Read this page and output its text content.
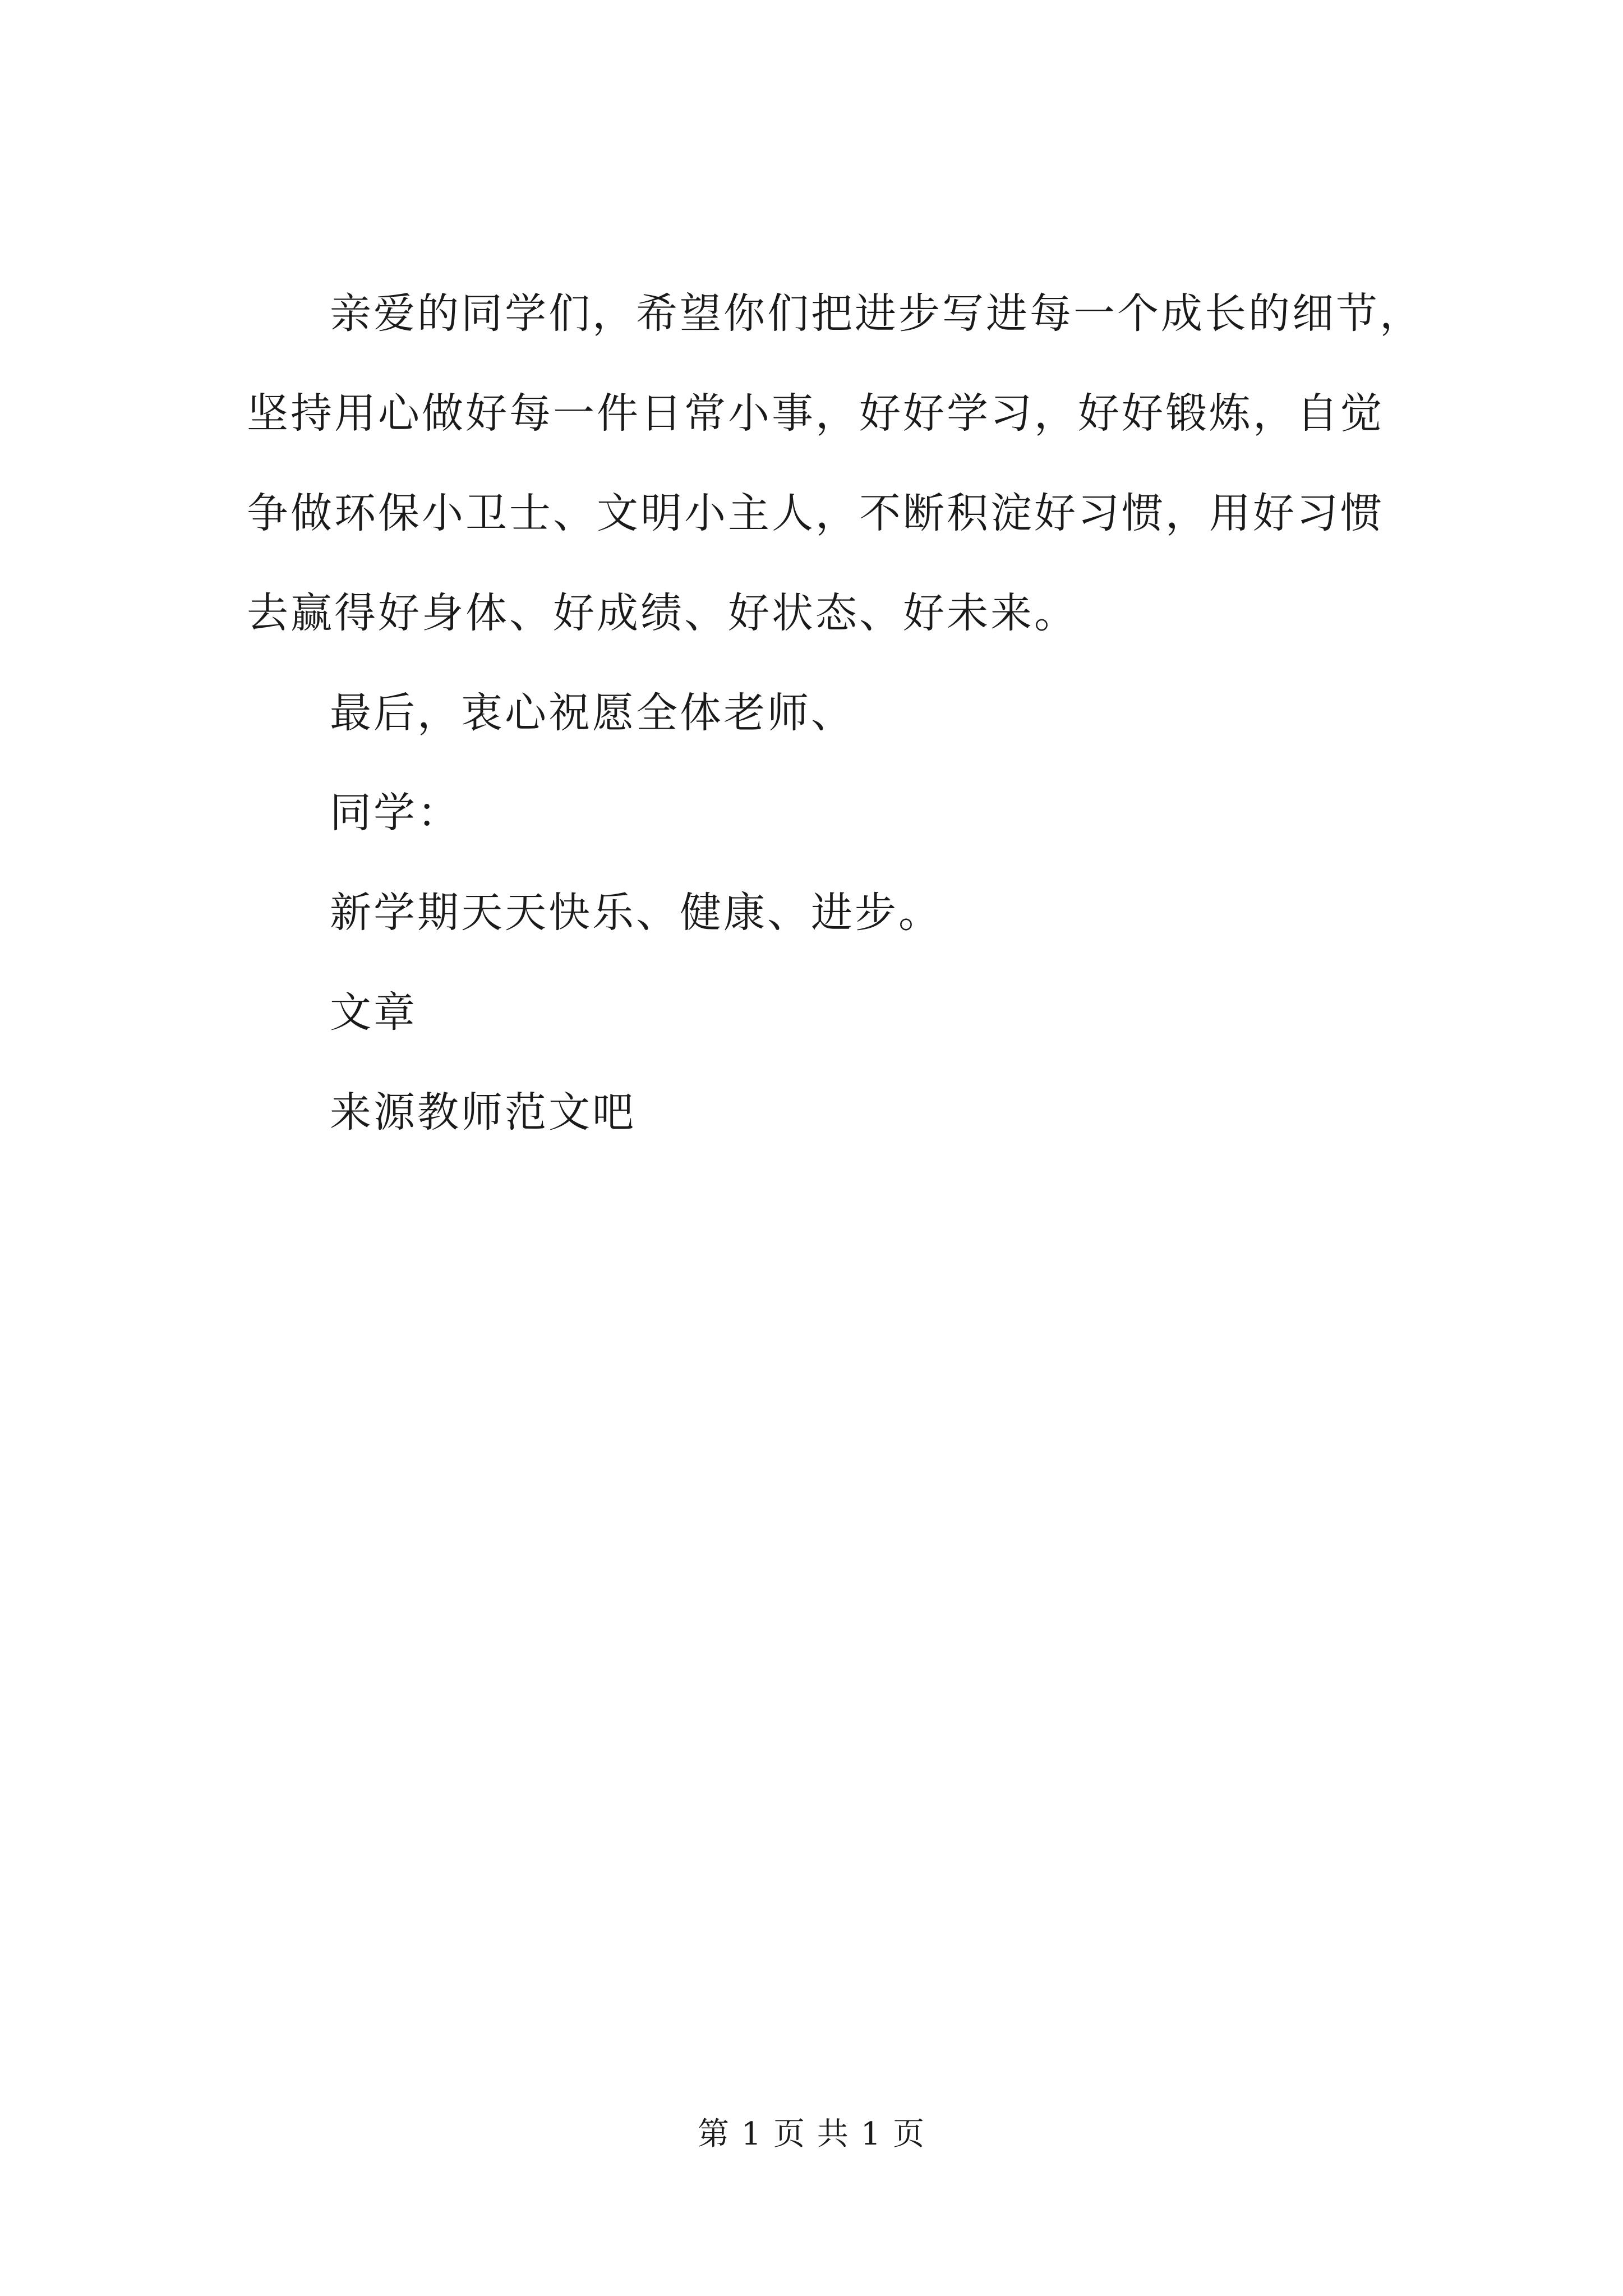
亲爱的同学们，希望你们把进步写进每一个成长的细节，坚持用心做好每一件日常小事，好好学习，好好锻炼，自觉争做环保小卫士、文明小主人，不断积淀好习惯，用好习惯去赢得好身体、好成绩、好状态、好未来。

最后，衷心祝愿全体老师、

同学：

新学期天天快乐、健康、进步。

文章

来源教师范文吧

第 1 页 共 1 页
